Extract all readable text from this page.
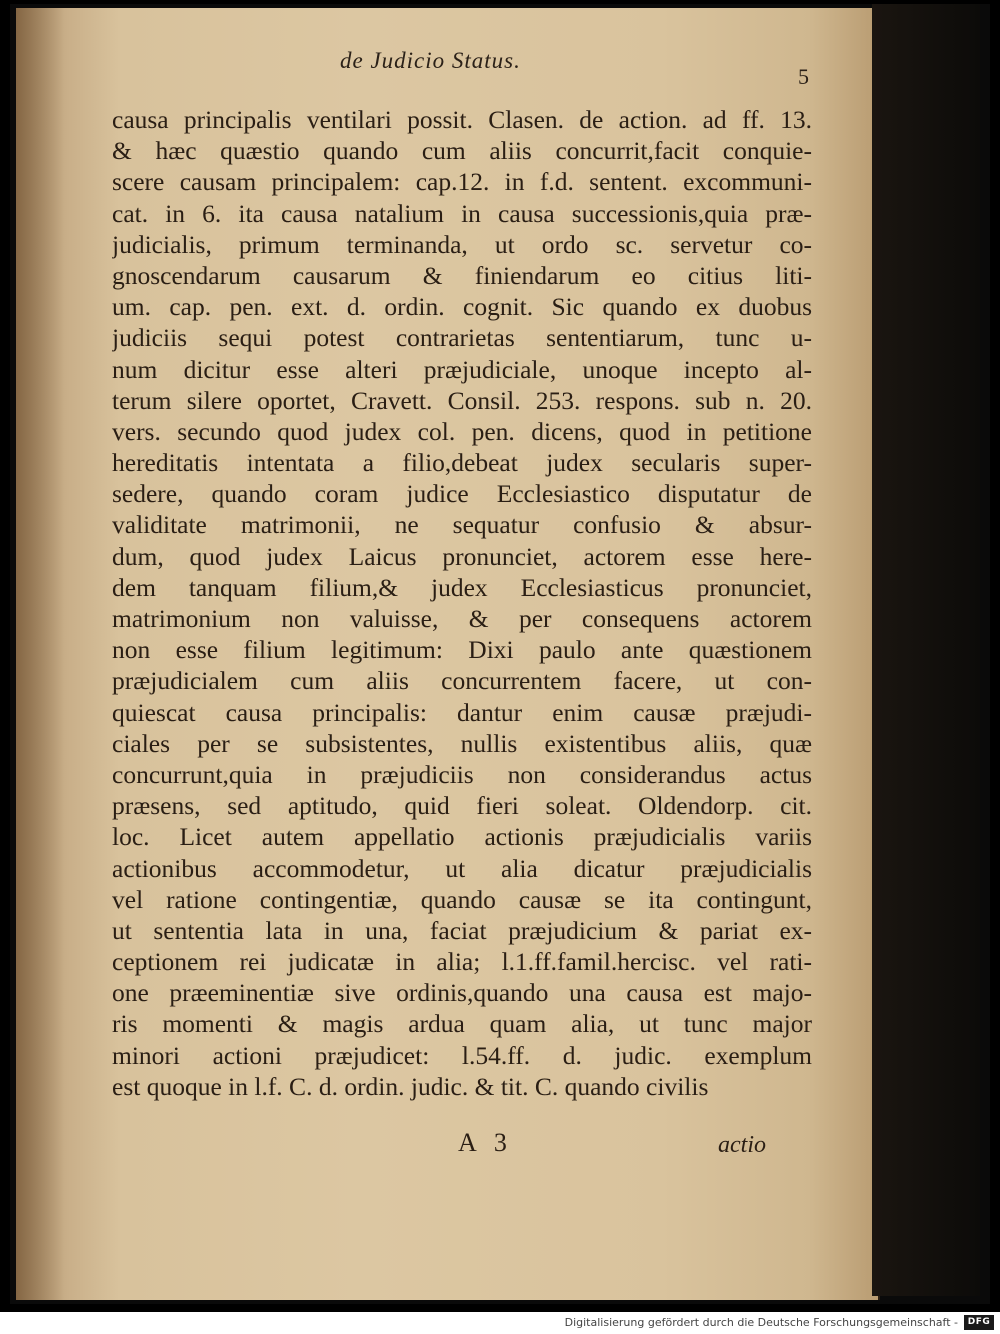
de Judicio Status.
5
causa principalis ventilari possit. Clasen. de action. ad ff. 13.
& hæc quæstio quando cum aliis concurrit,facit conquie-
scere causam principalem: cap.12. in f.d. sentent. excommuni-
cat. in 6. ita causa natalium in causa successionis,quia præ-
judicialis, primum terminanda, ut ordo sc. servetur co-
gnoscendarum causarum & finiendarum eo citius liti-
um. cap. pen. ext. d. ordin. cognit. Sic quando ex duobus
judiciis sequi potest contrarietas sententiarum, tunc u-
num dicitur esse alteri præjudiciale, unoque incepto al-
terum silere oportet, Cravett. Consil. 253. respons. sub n. 20.
vers. secundo quod judex col. pen. dicens, quod in petitione
hereditatis intentata a filio,debeat judex secularis super-
sedere, quando coram judice Ecclesiastico disputatur de
validitate matrimonii, ne sequatur confusio & absur-
dum, quod judex Laicus pronunciet, actorem esse here-
dem tanquam filium,& judex Ecclesiasticus pronunciet,
matrimonium non valuisse, & per consequens actorem
non esse filium legitimum: Dixi paulo ante quæstionem
præjudicialem cum aliis concurrentem facere, ut con-
quiescat causa principalis: dantur enim causæ præjudi-
ciales per se subsistentes, nullis existentibus aliis, quæ
concurrunt,quia in præjudiciis non considerandus actus
præsens, sed aptitudo, quid fieri soleat. Oldendorp. cit.
loc. Licet autem appellatio actionis præjudicialis variis
actionibus accommodetur, ut alia dicatur præjudicialis
vel ratione contingentiæ, quando causæ se ita contingunt,
ut sententia lata in una, faciat præjudicium & pariat ex-
ceptionem rei judicatæ in alia; l.1.ff.famil.hercisc. vel rati-
one præeminentiæ sive ordinis,quando una causa est majo-
ris momenti & magis ardua quam alia, ut tunc major
minori actioni præjudicet: l.54.ff. d. judic. exemplum
est quoque in l.f. C. d. ordin. judic. & tit. C. quando civilis
A 3	actio
Digitalisierung gefördert durch die Deutsche Forschungsgemeinschaft -	DFG
